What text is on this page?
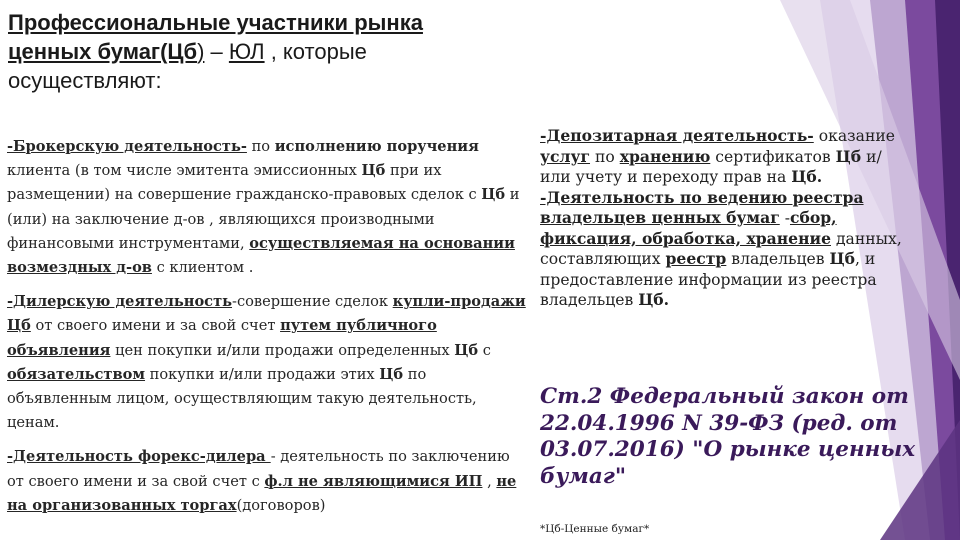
Профессиональные участники рынка
ценных бумаг(Цб) – ЮЛ , которые
осуществляют:

-Брокерскую деятельность- по исполнению поручения клиента (в том числе эмитента эмиссионных Цб при их размещении) на совершение гражданско-правовых сделок с Цб и (или) на заключение д-ов , являющихся производными финансовыми инструментами, осуществляемая на основании возмездных д-ов с клиентом .

-Дилерскую деятельность-совершение сделок купли-продажи Цб от своего имени и за свой счет путем публичного объявления цен покупки и/или продажи определенных Цб с обязательством покупки и/или продажи этих Цб по объявленным лицом, осуществляющим такую деятельность, ценам.

-Деятельность форекс-дилера - деятельность по заключению от своего имени и за свой счет с ф.л не являющимися ИП , не на организованных торгах(договоров)

-Депозитарная деятельность- оказание услуг по хранению сертификатов Цб и/или учету и переходу прав на Цб.

-Деятельность по ведению реестра владельцев ценных бумаг -сбор, фиксация, обработка, хранение данных, составляющих реестр владельцев Цб, и предоставление информации из реестра владельцев Цб.

Ст.2 Федеральный закон от 22.04.1996 N 39-ФЗ (ред. от 03.07.2016) "О рынке ценных бумаг"
*Цб-Ценные бумаг*
